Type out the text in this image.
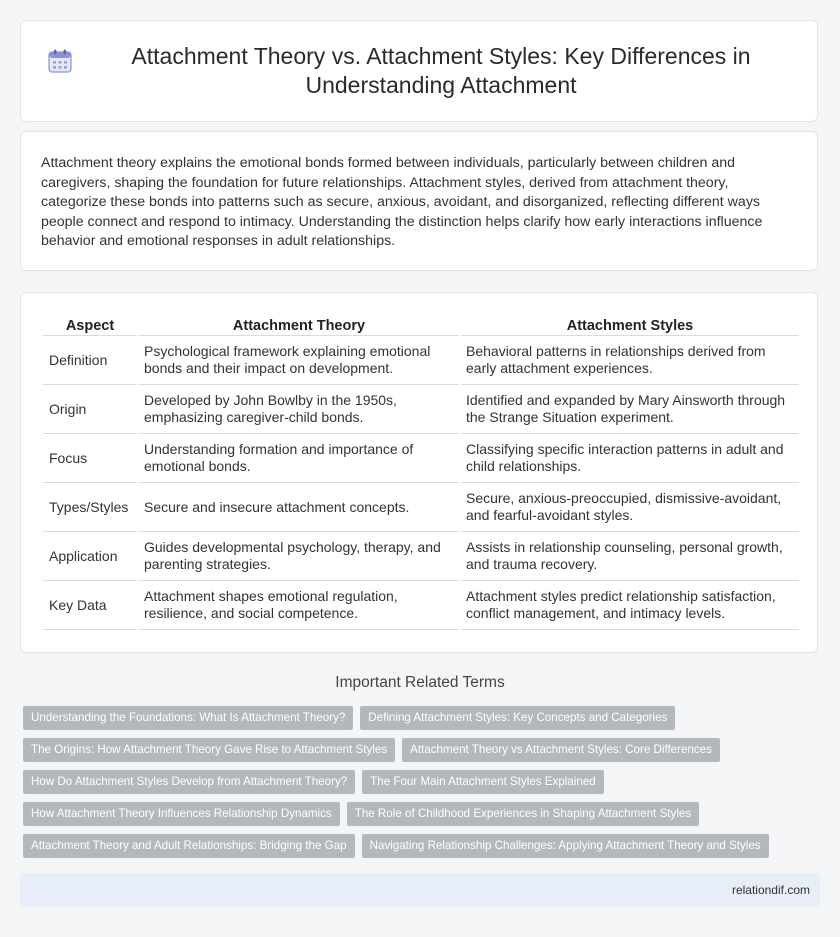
Attachment Theory vs. Attachment Styles: Key Differences in Understanding Attachment

Attachment theory explains the emotional bonds formed between individuals, particularly between children and caregivers, shaping the foundation for future relationships. Attachment styles, derived from attachment theory, categorize these bonds into patterns such as secure, anxious, avoidant, and disorganized, reflecting different ways people connect and respond to intimacy. Understanding the distinction helps clarify how early interactions influence behavior and emotional responses in adult relationships.

Aspect	Attachment Theory	Attachment Styles
Definition	Psychological framework explaining emotional bonds and their impact on development.	Behavioral patterns in relationships derived from early attachment experiences.
Origin	Developed by John Bowlby in the 1950s, emphasizing caregiver-child bonds.	Identified and expanded by Mary Ainsworth through the Strange Situation experiment.
Focus	Understanding formation and importance of emotional bonds.	Classifying specific interaction patterns in adult and child relationships.
Types/Styles	Secure and insecure attachment concepts.	Secure, anxious-preoccupied, dismissive-avoidant, and fearful-avoidant styles.
Application	Guides developmental psychology, therapy, and parenting strategies.	Assists in relationship counseling, personal growth, and trauma recovery.
Key Data	Attachment shapes emotional regulation, resilience, and social competence.	Attachment styles predict relationship satisfaction, conflict management, and intimacy levels.
Important Related Terms
Understanding the Foundations: What Is Attachment Theory?	Defining Attachment Styles: Key Concepts and Categories
The Origins: How Attachment Theory Gave Rise to Attachment Styles	Attachment Theory vs Attachment Styles: Core Differences
How Do Attachment Styles Develop from Attachment Theory?	The Four Main Attachment Styles Explained
How Attachment Theory Influences Relationship Dynamics	The Role of Childhood Experiences in Shaping Attachment Styles
Attachment Theory and Adult Relationships: Bridging the Gap	Navigating Relationship Challenges: Applying Attachment Theory and Styles
relationdif.com
